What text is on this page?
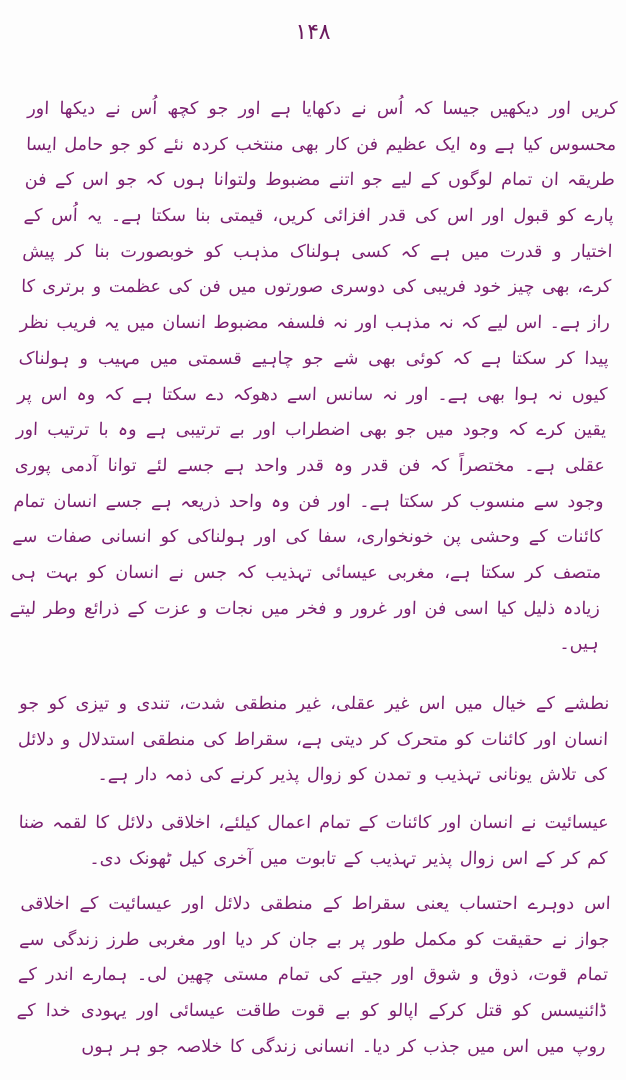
۱۴۸

کریں اور دیکھیں جیسا کہ اُس نے دکھایا ہے اور جو کچھ اُس نے دیکھا اور محسوس کیا ہے وہ ایک عظیم فن کار بھی منتخب کردہ نئے کو جو حامل ایسا طریقہ ان تمام لوگوں کے لیے جو اتنے مضبوط ولتوانا ہوں کہ جو اس کے فن پارے کو قبول اور اس کی قدر افزائی کریں، قیمتی بنا سکتا ہے۔ یہ اُس کے اختیار و قدرت میں ہے کہ کسی ہولناک مذہب کو خوبصورت بنا کر پیش کرے، بھی چیز خود فریبی کی دوسری صورتوں میں فن کی عظمت و برتری کا راز ہے۔ اس لیے کہ نہ مذہب اور نہ فلسفہ مضبوط انسان میں یہ فریب نظر پیدا کر سکتا ہے کہ کوئی بھی شے جو چاہیے قسمتی میں مہیب و ہولناک کیوں نہ ہوا بھی ہے۔ اور نہ سانس اسے دھوکہ دے سکتا ہے کہ وہ اس پر یقین کرے کہ وجود میں جو بھی اضطراب اور بے ترتیبی ہے وہ با ترتیب اور عقلی ہے۔ مختصراً کہ فن قدر وہ قدر واحد ہے جسے لئے توانا آدمی پوری وجود سے منسوب کر سکتا ہے۔ اور فن وہ واحد ذریعہ ہے جسے انسان تمام کائنات کے وحشی پن خونخواری، سفا کی اور ہولناکی کو انسانی صفات سے متصف کر سکتا ہے، مغربی عیسائی تہذیب کہ جس نے انسان کو بہت ہی زیادہ ذلیل کیا اسی فن اور غرور و فخر میں نجات و عزت کے ذرائع وطر لیتے ہیں۔

نطشے کے خیال میں اس غیر عقلی، غیر منطقی شدت، تندی و تیزی کو جو انسان اور کائنات کو متحرک کر دیتی ہے، سقراط کی منطقی استدلال و دلائل کی تلاش یونانی تہذیب و تمدن کو زوال پذیر کرنے کی ذمہ دار ہے۔

عیسائیت نے انسان اور کائنات کے تمام اعمال کیلئے، اخلاقی دلائل کا لقمہ ضنا کم کر کے اس زوال پذیر تہذیب کے تابوت میں آخری کیل ٹھونک دی۔

اس دوہرے احتساب یعنی سقراط کے منطقی دلائل اور عیسائیت کے اخلاقی جواز نے حقیقت کو مکمل طور پر بے جان کر دیا اور مغربی طرز زندگی سے تمام قوت، ذوق و شوق اور جیتے کی تمام مستی چھین لی۔ ہمارے اندر کے ڈائنیسس کو قتل کرکے اپالو کو بے قوت طاقت عیسائی اور یہودی خدا کے روپ میں اس میں جذب کر دیا۔ انسانی زندگی کا خلاصہ جو ہر ہوں
